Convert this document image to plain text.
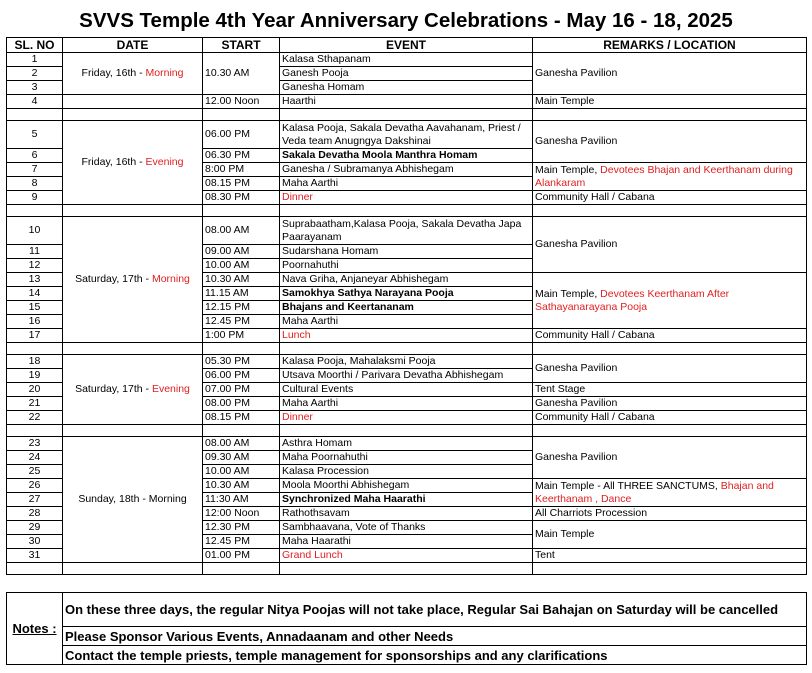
SVVS Temple 4th Year Anniversary Celebrations - May 16 - 18, 2025
SL. NO	DATE	START	EVENT	REMARKS / LOCATION
1	Friday, 16th - Morning	10.30 AM	Kalasa Sthapanam	Ganesha Pavilion
2			Ganesh Pooja	
3			Ganesha Homam	
4		12.00 Noon	Haarthi	Main Temple

5	Friday, 16th - Evening	06.00 PM	Kalasa Pooja, Sakala Devatha Aavahanam, Priest / Veda team Anugngya Dakshinai	Ganesha Pavilion
6		06.30 PM	Sakala Devatha Moola Manthra Homam	
7		8:00 PM	Ganesha / Subramanya Abhishegam	Main Temple, Devotees Bhajan and Keerthanam during Alankaram
8		08.15 PM	Maha Aarthi	
9		08.30 PM	Dinner	Community Hall / Cabana

10	Saturday, 17th - Morning	08.00 AM	Suprabaatham,Kalasa Pooja, Sakala Devatha Japa Paarayanam	Ganesha Pavilion
11		09.00 AM	Sudarshana Homam	
12		10.00 AM	Poornahuthi	
13		10.30 AM	Nava Griha, Anjaneyar Abhishegam	Main Temple, Devotees Keerthanam After Sathayanarayana Pooja
14		11.15 AM	Samokhya Sathya Narayana Pooja	
15		12.15 PM	Bhajans and Keertananam	
16		12.45 PM	Maha Aarthi	
17		1:00 PM	Lunch	Community Hall / Cabana

18	Saturday, 17th - Evening	05.30 PM	Kalasa Pooja, Mahalaksmi Pooja	Ganesha Pavilion
19		06.00 PM	Utsava Moorthi / Parivara Devatha Abhishegam	
20		07.00 PM	Cultural Events	Tent Stage
21		08.00 PM	Maha Aarthi	Ganesha Pavilion
22		08.15 PM	Dinner	Community Hall / Cabana

23	Sunday, 18th - Morning	08.00 AM	Asthra Homam	Ganesha Pavilion
24		09.30 AM	Maha Poornahuthi	
25		10.00 AM	Kalasa Procession	
26		10.30 AM	Moola Moorthi Abhishegam	Main Temple - All THREE SANCTUMS, Bhajan and Keerthanam , Dance
27		11:30 AM	Synchronized Maha Haarathi	
28		12:00 Noon	Rathothsavam	All Charriots Procession
29		12.30 PM	Sambhaavana, Vote of Thanks	Main Temple
30		12.45 PM	Maha Haarathi	
31		01.00 PM	Grand Lunch	Tent

Notes :	On these three days, the regular Nitya Poojas will not take place, Regular Sai Bahajan on Saturday will be cancelled
Please Sponsor Various Events, Annadaanam and other Needs
Contact the temple priests, temple management for sponsorships and any clarifications
